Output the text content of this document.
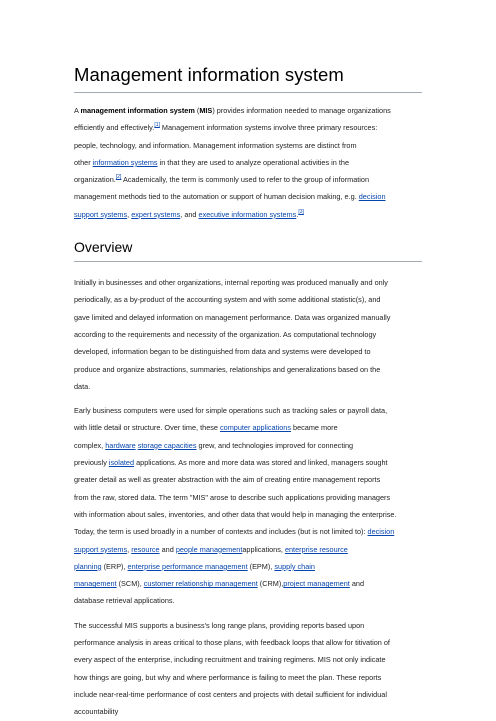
Management information system
A management information system (MIS) provides information needed to manage organizations
efficiently and effectively.[1] Management information systems involve three primary resources:
people, technology, and information. Management information systems are distinct from
other information systems in that they are used to analyze operational activities in the
organization.[2] Academically, the term is commonly used to refer to the group of information
management methods tied to the automation or support of human decision making, e.g. decision
support systems, expert systems, and executive information systems.[3]
Overview
Initially in businesses and other organizations, internal reporting was produced manually and only
periodically, as a by-product of the accounting system and with some additional statistic(s), and
gave limited and delayed information on management performance. Data was organized manually
according to the requirements and necessity of the organization. As computational technology
developed, information began to be distinguished from data and systems were developed to
produce and organize abstractions, summaries, relationships and generalizations based on the
data.
Early business computers were used for simple operations such as tracking sales or payroll data,
with little detail or structure. Over time, these computer applications became more
complex, hardware storage capacities grew, and technologies improved for connecting
previously isolated applications. As more and more data was stored and linked, managers sought
greater detail as well as greater abstraction with the aim of creating entire management reports
from the raw, stored data. The term "MIS" arose to describe such applications providing managers
with information about sales, inventories, and other data that would help in managing the enterprise.
Today, the term is used broadly in a number of contexts and includes (but is not limited to): decision
support systems, resource and people managementapplications, enterprise resource
planning (ERP), enterprise performance management (EPM), supply chain
management (SCM), customer relationship management (CRM),project management and
database retrieval applications.
The successful MIS supports a business's long range plans, providing reports based upon
performance analysis in areas critical to those plans, with feedback loops that allow for titivation of
every aspect of the enterprise, including recruitment and training regimens. MIS not only indicate
how things are going, but why and where performance is failing to meet the plan. These reports
include near-real-time performance of cost centers and projects with detail sufficient for individual
accountability
